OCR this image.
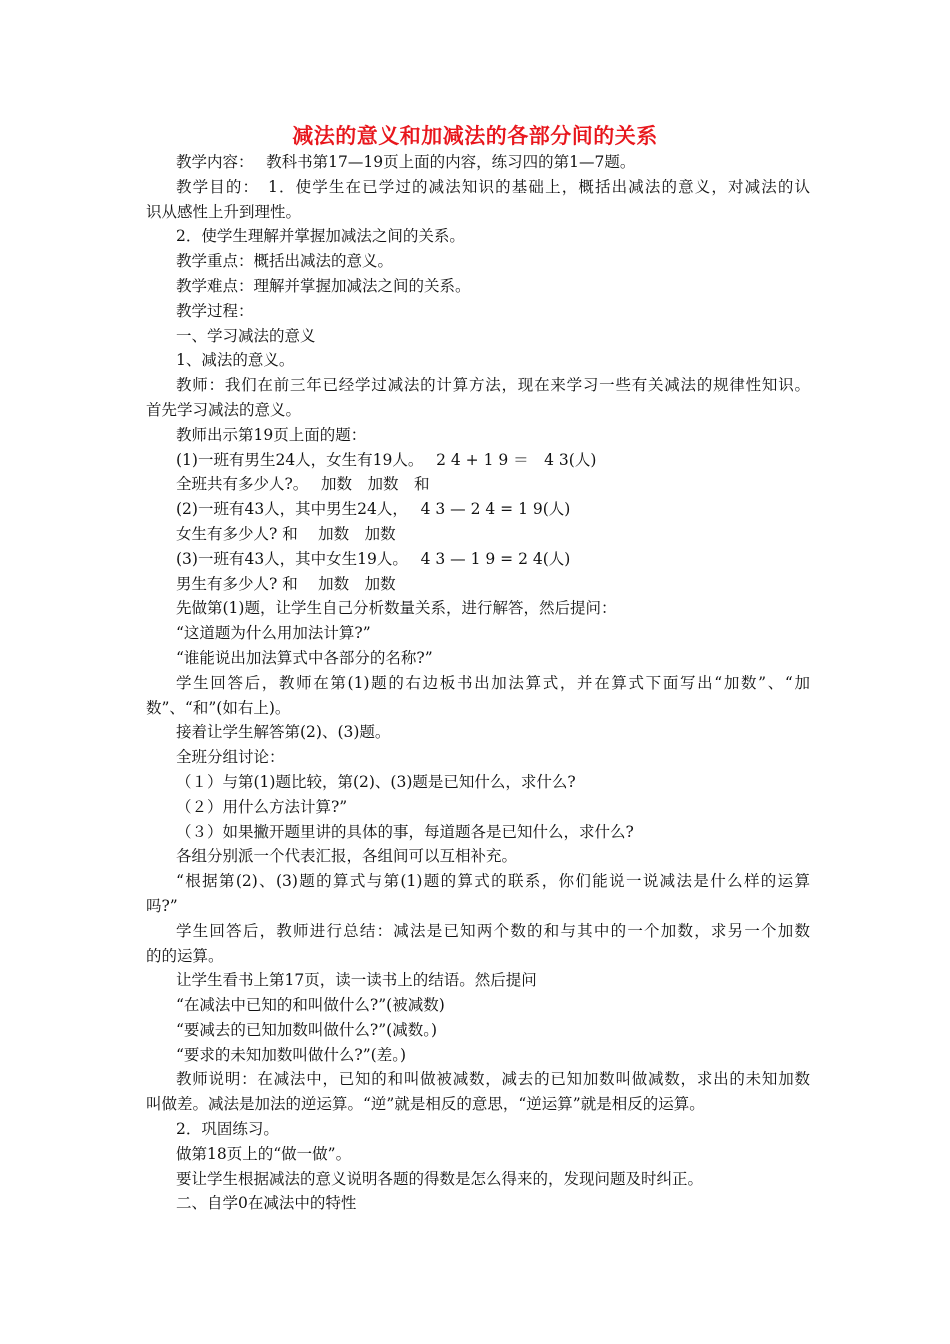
减法的意义和加减法的各部分间的关系
教学内容：　 教科书第17—19页上面的内容，练习四的第1—7题。
教学目的：　1．使学生在已学过的减法知识的基础上，概括出减法的意义，对减法的认
识从感性上升到理性。
2．使学生理解并掌握加减法之间的关系。
教学重点：概括出减法的意义。
教学难点：理解并掌握加减法之间的关系。
教学过程：
一、学习减法的意义
1、减法的意义。
教师：我们在前三年已经学过减法的计算方法，现在来学习一些有关减法的规律性知识。
首先学习减法的意义。
教师出示第19页上面的题：
(1)一班有男生24人，女生有19人。　 2 4 + 1 9 ＝　4 3(人)
全班共有多少人?。　 加数　加数　和
(2)一班有43人，其中男生24人，　 4 3 — 2 4 = 1 9(人)
女生有多少人? 和　 加数　加数
(3)一班有43人，其中女生19人。　 4 3 — 1 9 = 2 4(人)
男生有多少人? 和　 加数　加数
先做第(1)题，让学生自己分析数量关系，进行解答，然后提问：
“这道题为什么用加法计算?”
“谁能说出加法算式中各部分的名称?”
学生回答后，教师在第(1)题的右边板书出加法算式，并在算式下面写出“加数”、“加
数”、“和”(如右上)。
接着让学生解答第(2)、(3)题。
全班分组讨论：
（１）与第(1)题比较，第(2)、(3)题是已知什么，求什么?
（２）用什么方法计算?”
（３）如果撇开题里讲的具体的事，每道题各是已知什么，求什么?
各组分别派一个代表汇报，各组间可以互相补充。
“根据第(2)、(3)题的算式与第(1)题的算式的联系，你们能说一说减法是什么样的运算
吗?”
学生回答后，教师进行总结：减法是已知两个数的和与其中的一个加数，求另一个加数
的的运算。
让学生看书上第17页，读一读书上的结语。然后提问
“在减法中已知的和叫做什么?”(被减数)
“要减去的已知加数叫做什么?”(减数。)
“要求的未知加数叫做什么?”(差。)
教师说明：在减法中，已知的和叫做被减数，减去的已知加数叫做减数，求出的未知加数
叫做差。减法是加法的逆运算。“逆”就是相反的意思，“逆运算”就是相反的运算。
2．巩固练习。
做第18页上的“做一做”。
要让学生根据减法的意义说明各题的得数是怎么得来的，发现问题及时纠正。
二、自学0在减法中的特性
